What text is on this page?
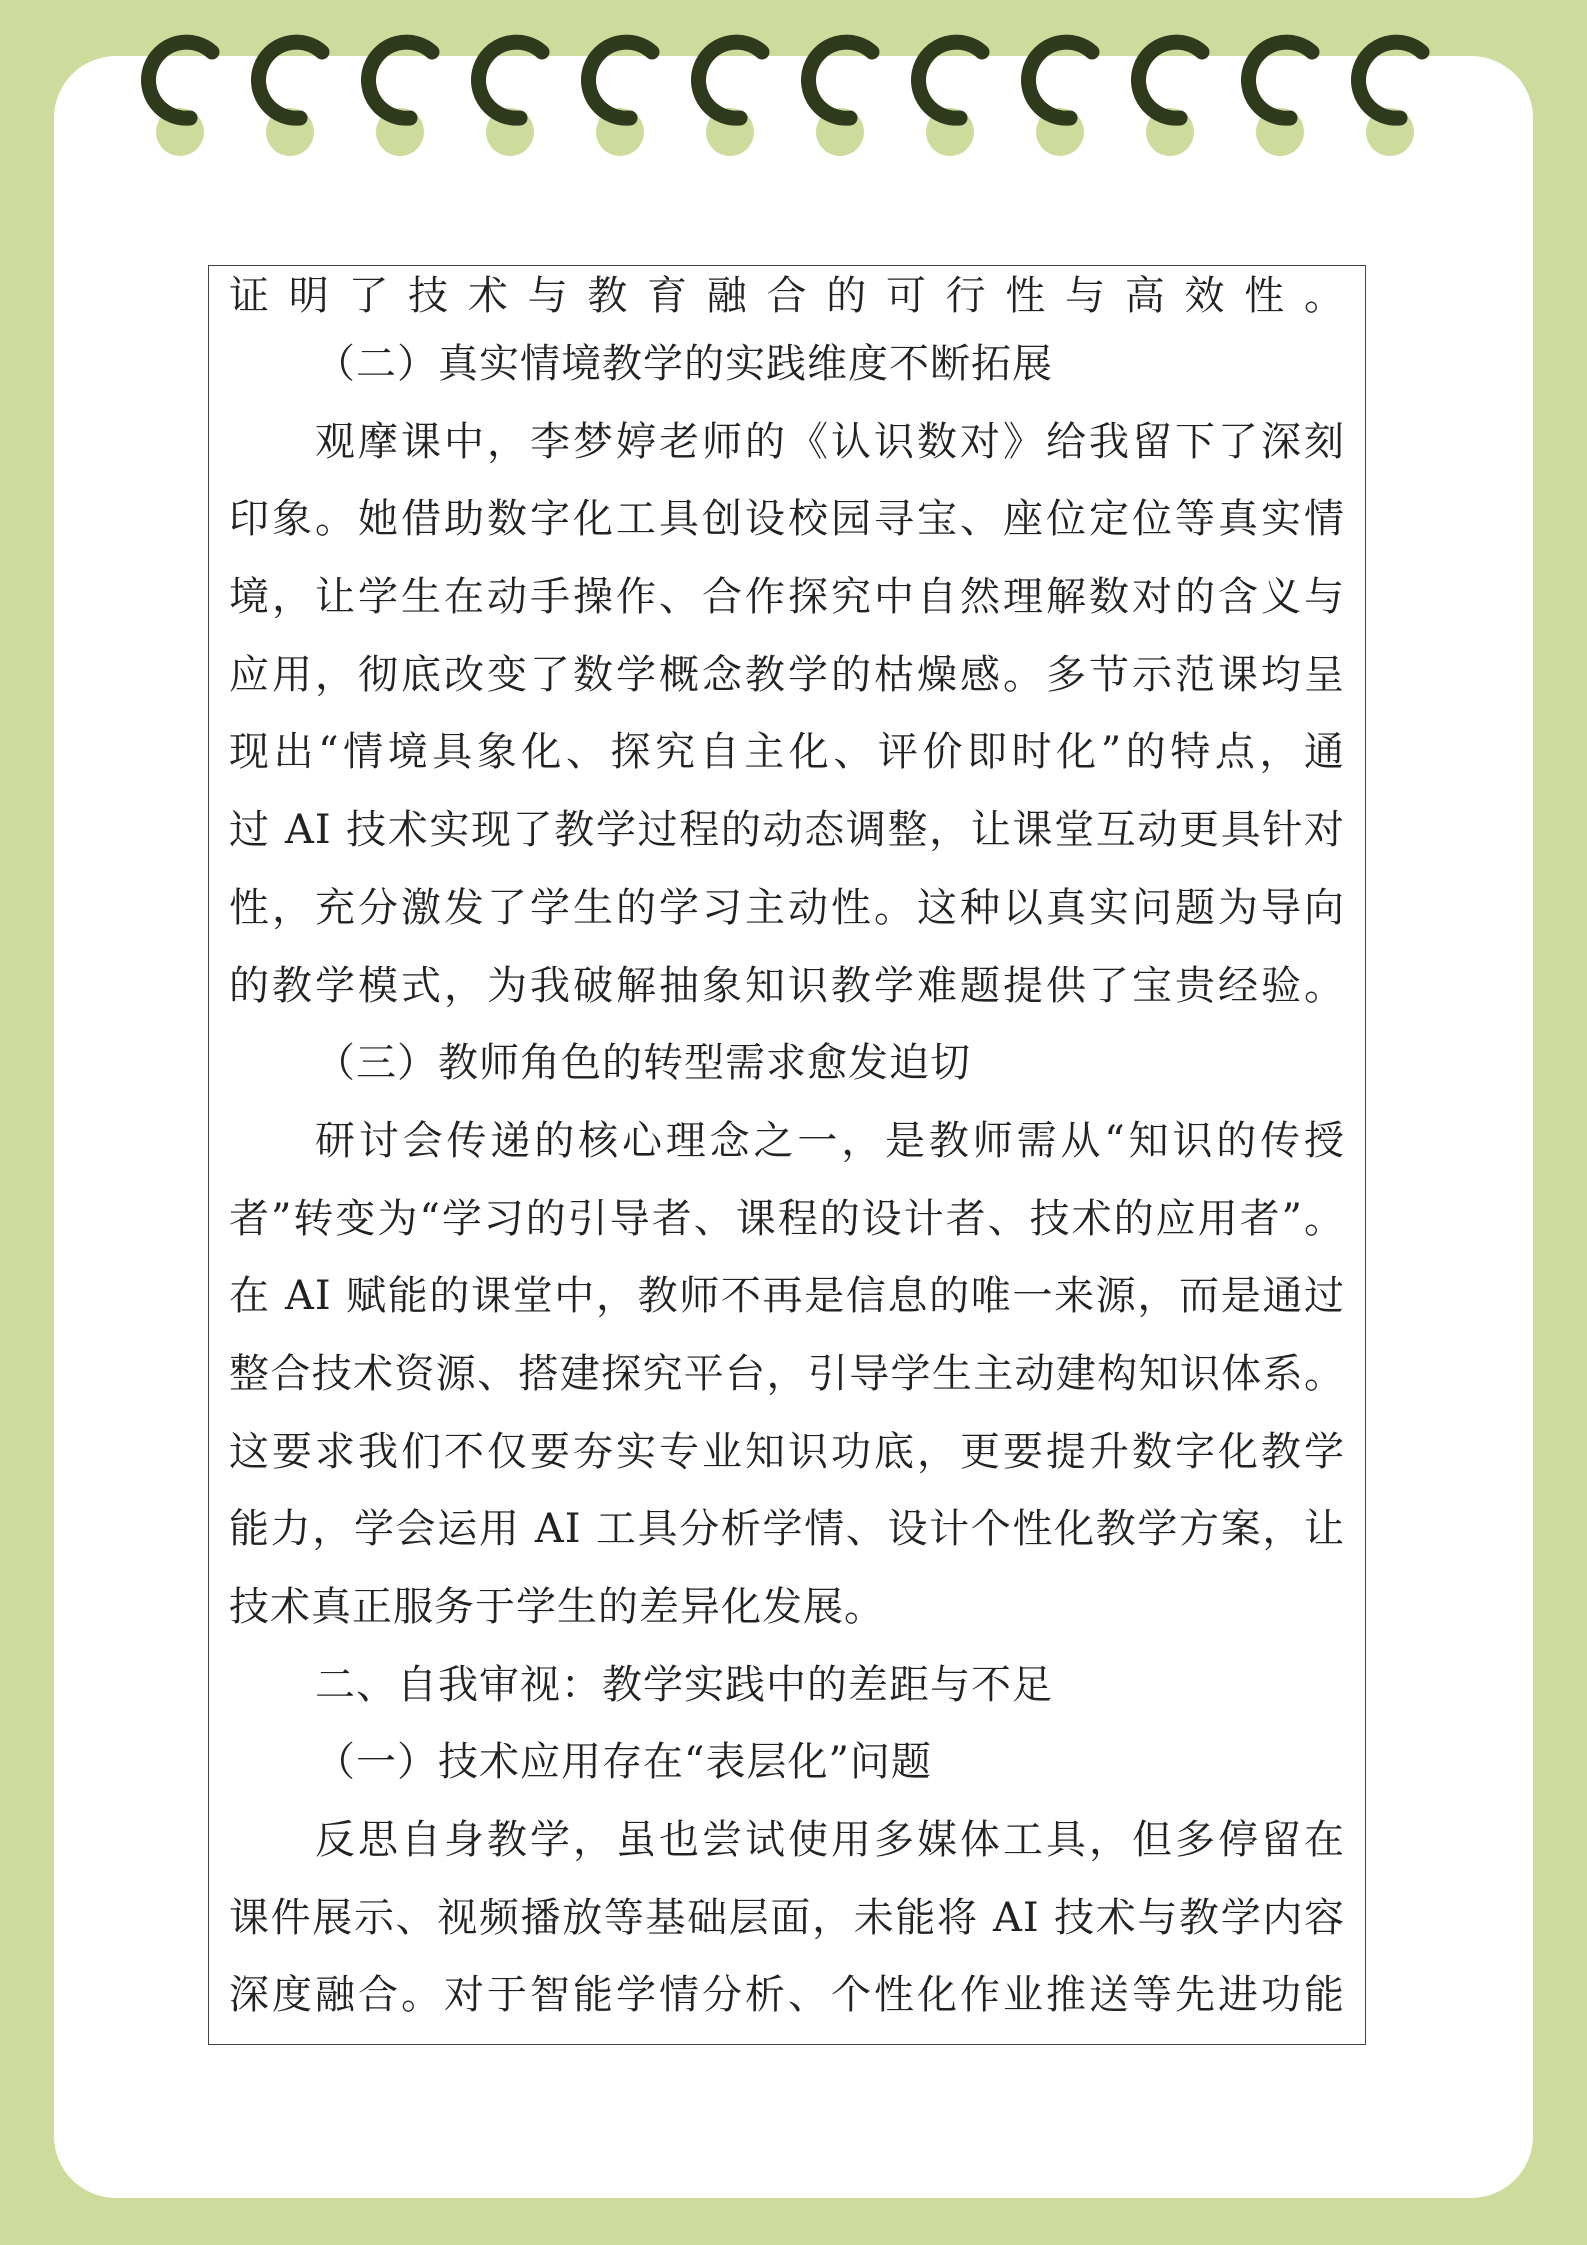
证明了技术与教育融合的可行性与高效性。
（二）真实情境教学的实践维度不断拓展
观摩课中，李梦婷老师的《认识数对》给我留下了深刻
印象。她借助数字化工具创设校园寻宝、座位定位等真实情
境，让学生在动手操作、合作探究中自然理解数对的含义与
应用，彻底改变了数学概念教学的枯燥感。多节示范课均呈
现出“情境具象化、探究自主化、评价即时化”的特点，通
过 AI 技术实现了教学过程的动态调整，让课堂互动更具针对
性，充分激发了学生的学习主动性。这种以真实问题为导向
的教学模式，为我破解抽象知识教学难题提供了宝贵经验。
（三）教师角色的转型需求愈发迫切
研讨会传递的核心理念之一，是教师需从“知识的传授
者”转变为“学习的引导者、课程的设计者、技术的应用者”。
在 AI 赋能的课堂中，教师不再是信息的唯一来源，而是通过
整合技术资源、搭建探究平台，引导学生主动建构知识体系。
这要求我们不仅要夯实专业知识功底，更要提升数字化教学
能力，学会运用 AI 工具分析学情、设计个性化教学方案，让
技术真正服务于学生的差异化发展。
二、自我审视：教学实践中的差距与不足
（一）技术应用存在“表层化”问题
反思自身教学，虽也尝试使用多媒体工具，但多停留在
课件展示、视频播放等基础层面，未能将 AI 技术与教学内容
深度融合。对于智能学情分析、个性化作业推送等先进功能
